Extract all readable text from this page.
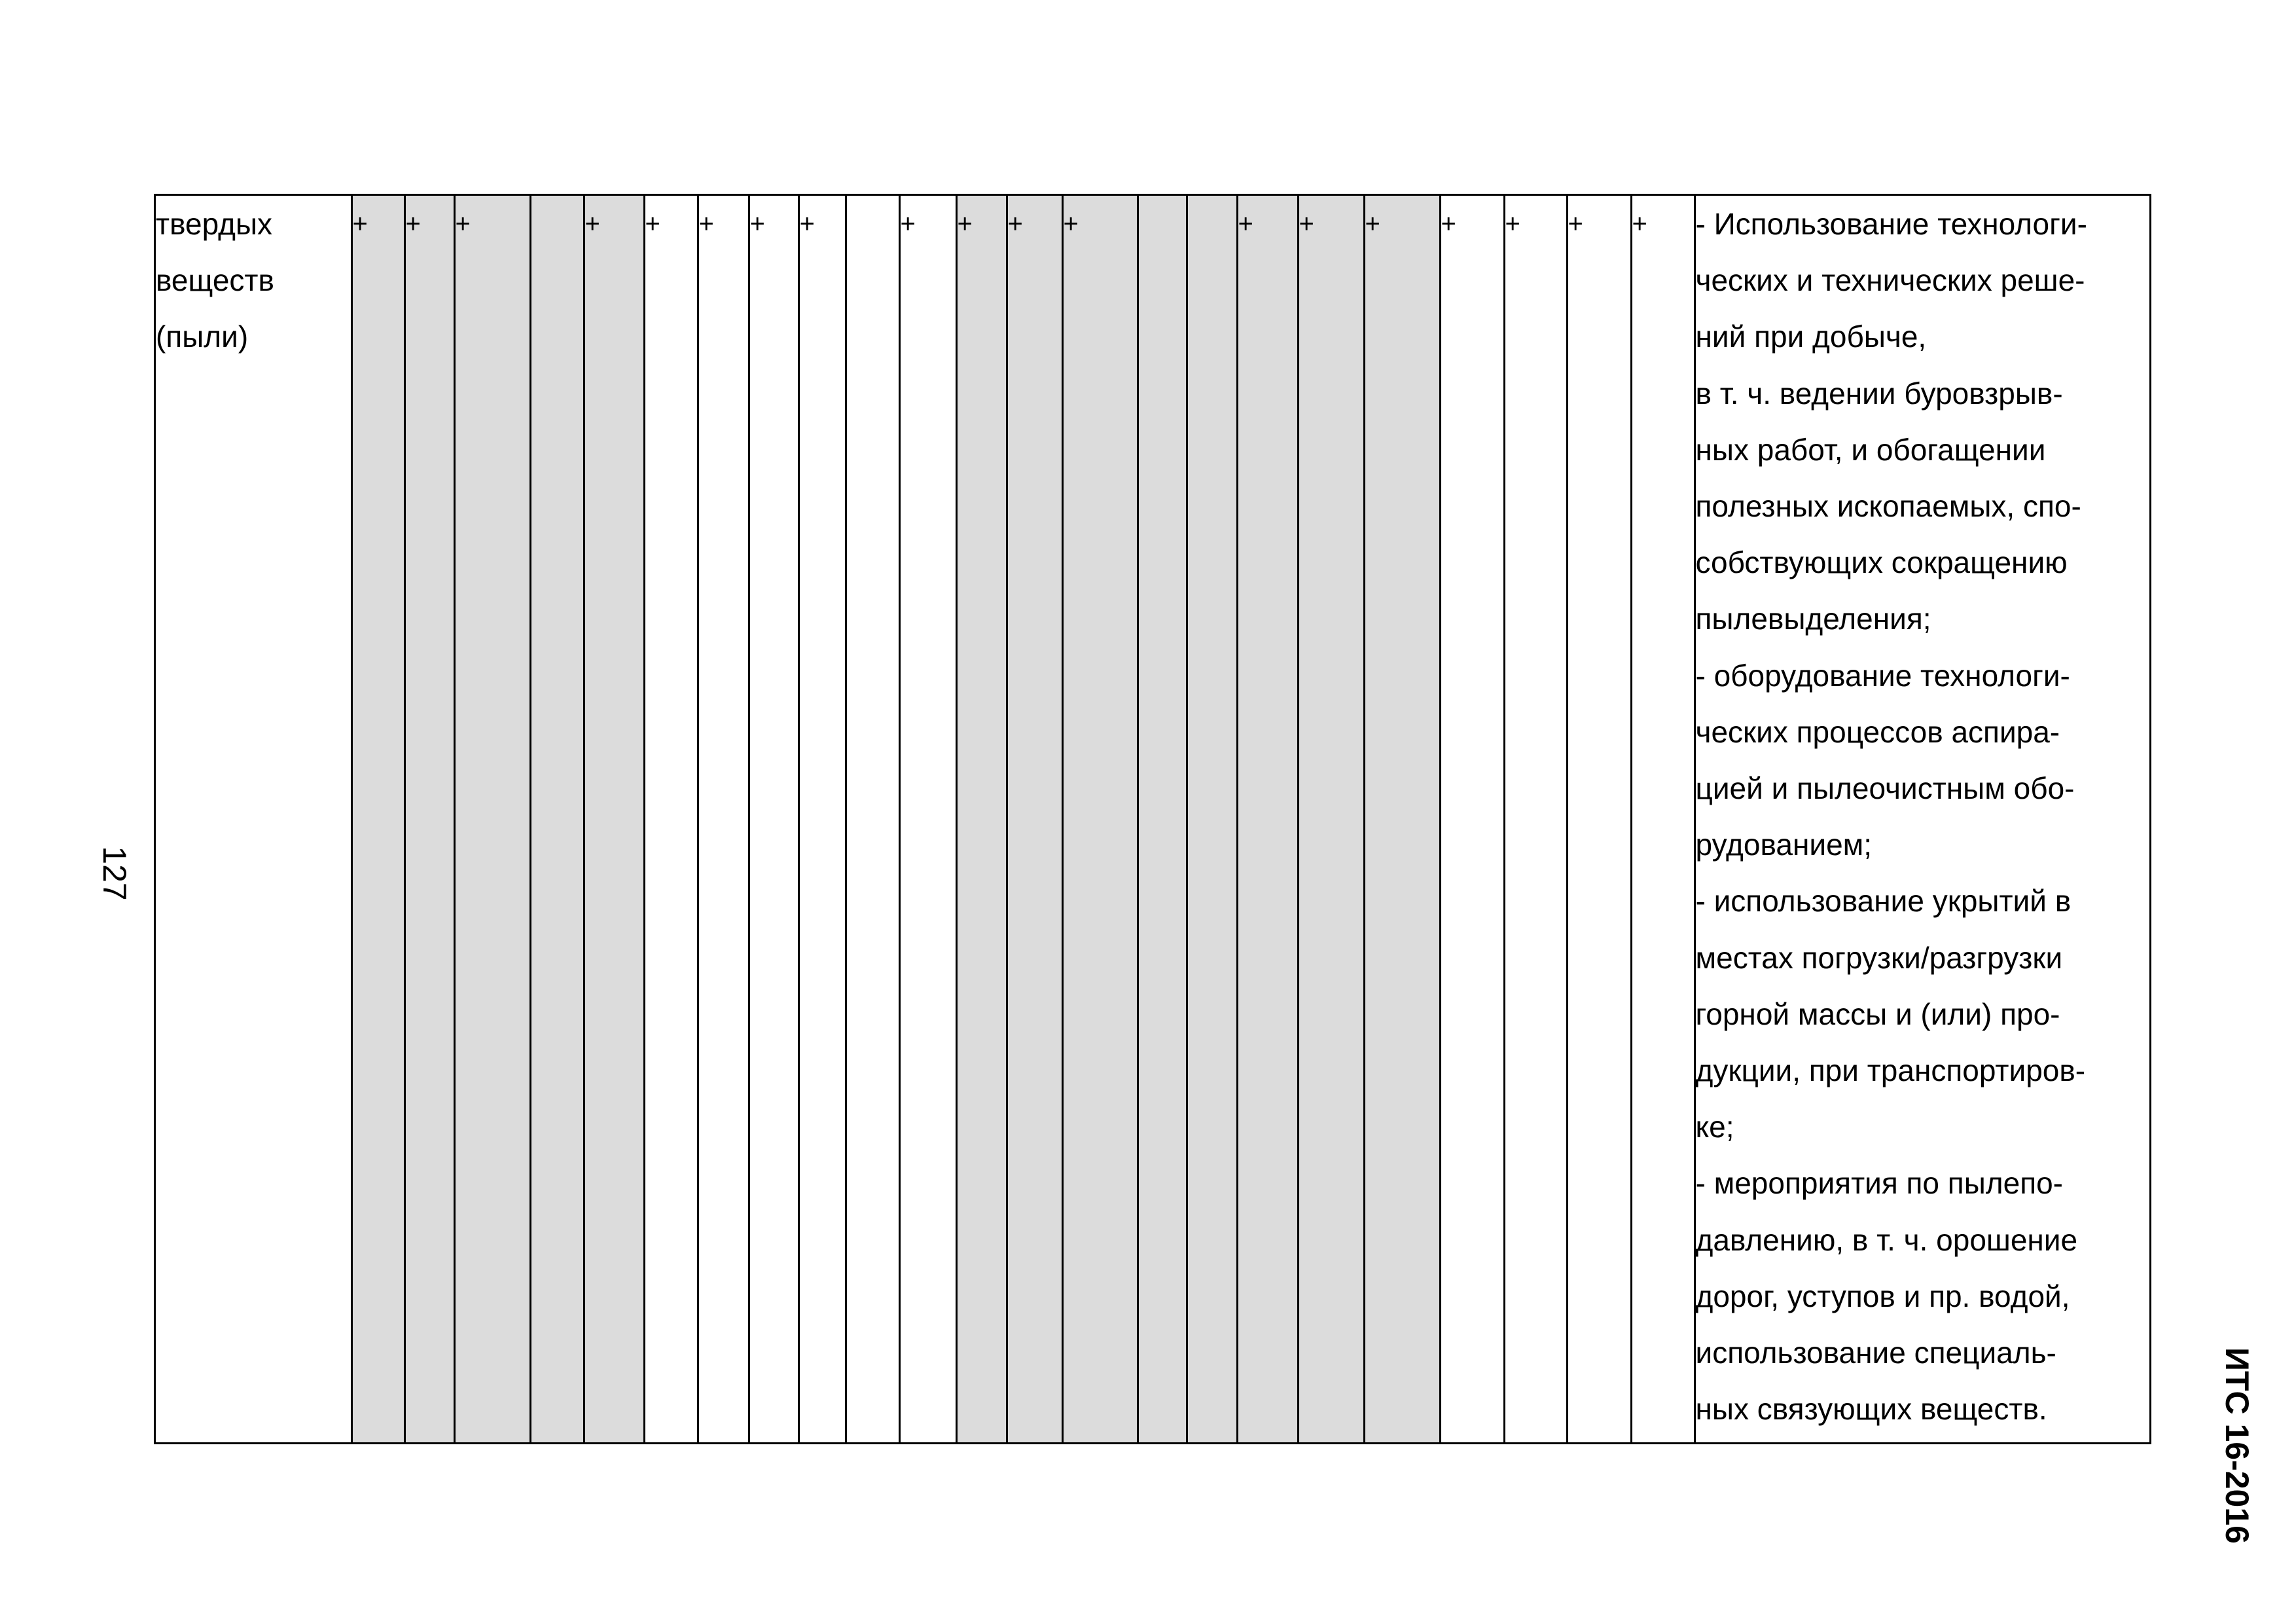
127
ИТС 16-2016
твердых
веществ
(пыли)
	+	+	+		+	+	+	+	+		+	+	+	+			+	+	+	+	+	+	+	- Использование технологи-
ческих и технических реше-
ний при добыче,
в т. ч. ведении буровзрыв-
ных работ, и обогащении
полезных ископаемых, спо-
собствующих сокращению
пылевыделения;
- оборудование технологи-
ческих процессов аспира-
цией и пылеочистным обо-
рудованием;
- использование укрытий в
местах погрузки/разгрузки
горной массы и (или) про-
дукции, при транспортиров-
ке;
- мероприятия по пылепо-
давлению, в т. ч. орошение
дорог, уступов и пр. водой,
использование специаль-
ных связующих веществ.
